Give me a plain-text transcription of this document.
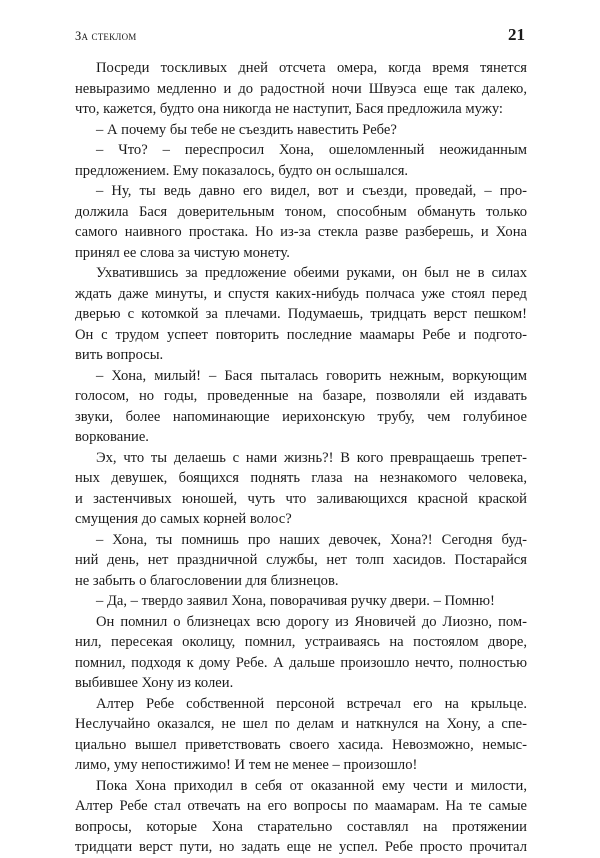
За стеклом	21
Посреди тоскливых дней отсчета омера, когда время тянется
невыразимо медленно и до радостной ночи Швуэса еще так далеко,
что, кажется, будто она никогда не наступит, Бася предложила мужу:
– А почему бы тебе не съездить навестить Ребе?
– Что? – переспросил Хона, ошеломленный неожиданным
предложением. Ему показалось, будто он ослышался.
– Ну, ты ведь давно его видел, вот и съезди, проведай, – про-
должила Бася доверительным тоном, способным обмануть только
самого наивного простака. Но из-за стекла разве разберешь, и Хона
принял ее слова за чистую монету.
Ухватившись за предложение обеими руками, он был не в силах
ждать даже минуты, и спустя каких-нибудь полчаса уже стоял перед
дверью с котомкой за плечами. Подумаешь, тридцать верст пешком!
Он с трудом успеет повторить последние маамары Ребе и подгото-
вить вопросы.
– Хона, милый! – Бася пыталась говорить нежным, воркующим
голосом, но годы, проведенные на базаре, позволяли ей издавать
звуки, более напоминающие иерихонскую трубу, чем голубиное
воркование.
Эх, что ты делаешь с нами жизнь?! В кого превращаешь трепет-
ных девушек, боящихся поднять глаза на незнакомого человека,
и застенчивых юношей, чуть что заливающихся красной краской
смущения до самых корней волос?
– Хона, ты помнишь про наших девочек, Хона?! Сегодня буд-
ний день, нет праздничной службы, нет толп хасидов. Постарайся
не забыть о благословении для близнецов.
– Да, – твердо заявил Хона, поворачивая ручку двери. – Помню!
Он помнил о близнецах всю дорогу из Яновичей до Лиозно, пом-
нил, пересекая околицу, помнил, устраиваясь на постоялом дворе,
помнил, подходя к дому Ребе. А дальше произошло нечто, полностью
выбившее Хону из колеи.
Алтер Ребе собственной персоной встречал его на крыльце.
Неслучайно оказался, не шел по делам и наткнулся на Хону, а спе-
циально вышел приветствовать своего хасида. Невозможно, немыс-
лимо, уму непостижимо! И тем не менее – произошло!
Пока Хона приходил в себя от оказанной ему чести и милости,
Алтер Ребе стал отвечать на его вопросы по маамарам. На те самые
вопросы, которые Хона старательно составлял на протяжении
тридцати верст пути, но задать еще не успел. Ребе просто прочитал
